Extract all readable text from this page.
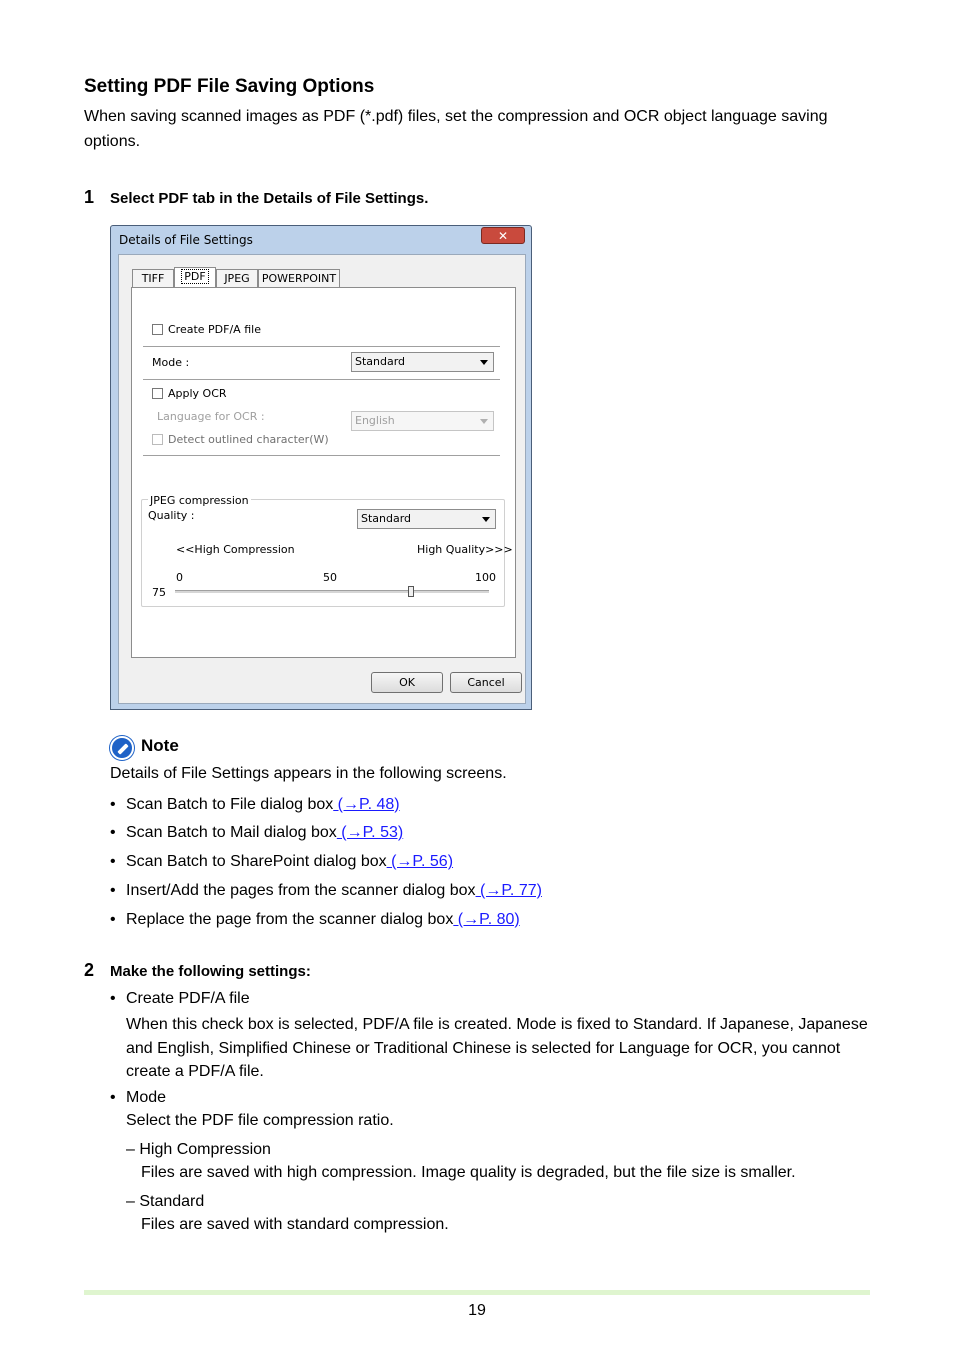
Setting PDF File Saving Options
When saving scanned images as PDF (*.pdf) files, set the compression and OCR object language saving options.
1 Select PDF tab in the Details of File Settings.
Details of File Settings	✕
TIFF	PDF	JPEG	POWERPOINT
Create PDF/A file
Mode :	Standard
Apply OCR
Language for OCR :	English
Detect outlined character(W)
JPEG compression
Quality :	Standard
<<High Compression	High Quality>>>
0	50	100
75
OK	Cancel
Note
Details of File Settings appears in the following screens.
• Scan Batch to File dialog box (→P. 48)
• Scan Batch to Mail dialog box (→P. 53)
• Scan Batch to SharePoint dialog box (→P. 56)
• Insert/Add the pages from the scanner dialog box (→P. 77)
• Replace the page from the scanner dialog box (→P. 80)
2 Make the following settings:
• Create PDF/A file
When this check box is selected, PDF/A file is created. Mode is fixed to Standard. If Japanese, Japanese and English, Simplified Chinese or Traditional Chinese is selected for Language for OCR, you cannot create a PDF/A file.
• Mode
Select the PDF file compression ratio.
– High Compression
Files are saved with high compression. Image quality is degraded, but the file size is smaller.
– Standard
Files are saved with standard compression.
19
